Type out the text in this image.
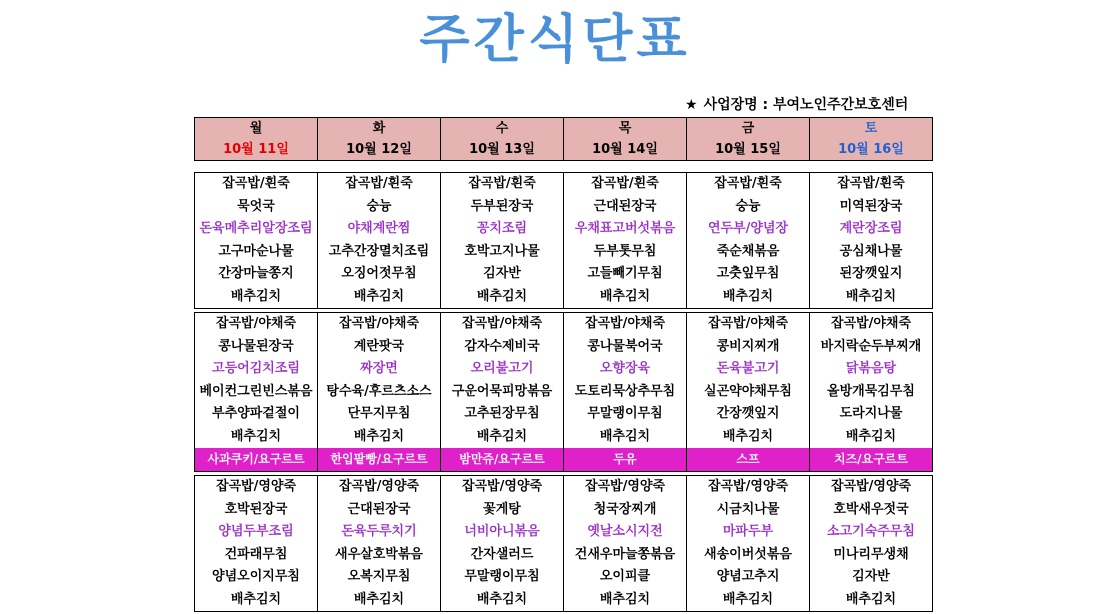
주간식단표
★ 사업장명 : 부여노인주간보호센터
월	화	수	목	금	토
10월 11일	10월 12일	10월 13일	10월 14일	10월 15일	10월 16일
잡곡밥/흰죽	잡곡밥/흰죽	잡곡밥/흰죽	잡곡밥/흰죽	잡곡밥/흰죽	잡곡밥/흰죽
묵엇국	숭늉	두부된장국	근대된장국	숭늉	미역된장국
돈육메추리알장조림	야채계란찜	꽁치조림	우채표고버섯볶음	연두부/양념장	계란장조림
고구마순나물	고추간장멸치조림	호박고지나물	두부톳무침	죽순채볶음	공심채나물
간장마늘쫑지	오징어젓무침	김자반	고들빼기무침	고춧잎무침	된장깻잎지
배추김치	배추김치	배추김치	배추김치	배추김치	배추김치
잡곡밥/야채죽	잡곡밥/야채죽	잡곡밥/야채죽	잡곡밥/야채죽	잡곡밥/야채죽	잡곡밥/야채죽
콩나물된장국	계란팟국	감자수제비국	콩나물북어국	콩비지찌개	바지락순두부찌개
고등어김치조림	짜장면	오리불고기	오향장육	돈육불고기	닭볶음탕
베이컨그린빈스볶음	탕수육/후르츠소스	구운어묵피망볶음	도토리묵상추무침	실곤약야채무침	올방개묵김무침
부추양파겉절이	단무지무침	고추된장무침	무말랭이무침	간장깻잎지	도라지나물
배추김치	배추김치	배추김치	배추김치	배추김치	배추김치
사과쿠키/요구르트	한입팥빵/요구르트	밤만쥬/요구르트	두유	스프	치즈/요구르트
잡곡밥/영양죽	잡곡밥/영양죽	잡곡밥/영양죽	잡곡밥/영양죽	잡곡밥/영양죽	잡곡밥/영양죽
호박된장국	근대된장국	꽃게탕	청국장찌개	시금치나물	호박새우젓국
양념두부조림	돈육두루치기	너비아니볶음	옛날소시지전	마파두부	소고기숙주무침
건파래무침	새우살호박볶음	간자샐러드	건새우마늘쫑볶음	새송이버섯볶음	미나리무생채
양념오이지무침	오복지무침	무말랭이무침	오이피클	양념고추지	김자반
배추김치	배추김치	배추김치	배추김치	배추김치	배추김치
